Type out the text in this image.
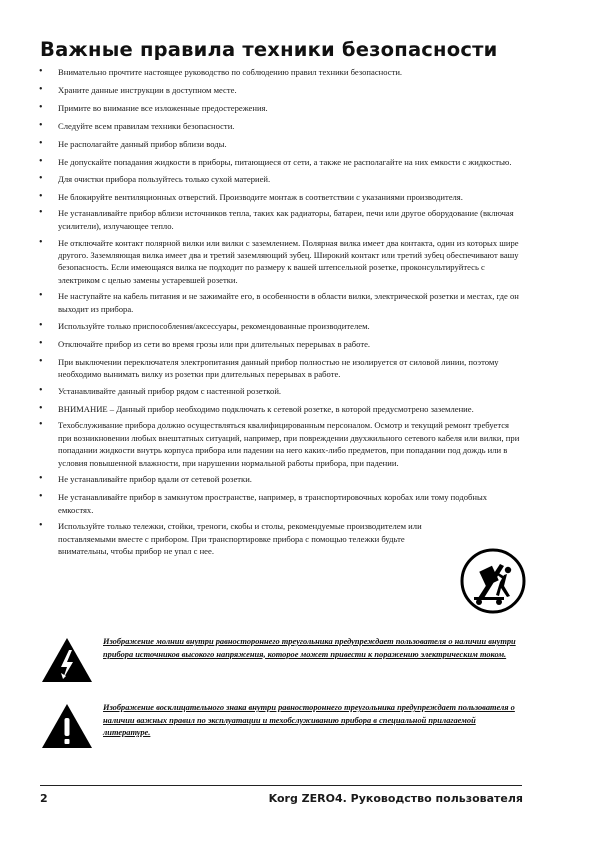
Важные правила техники безопасности
• Внимательно прочтите настоящее руководство по соблюдению правил техники безопасности.
• Храните данные инструкции в доступном месте.
• Примите во внимание все изложенные предостережения.
• Следуйте всем правилам техники безопасности.
• Не располагайте данный прибор вблизи воды.
• Не допускайте попадания жидкости в приборы, питающиеся от сети, а также не располагайте на них емкости с жидкостью.
• Для очистки прибора пользуйтесь только сухой материей.
• Не блокируйте вентиляционных отверстий. Производите монтаж в соответствии с указаниями производителя.
• Не устанавливайте прибор вблизи источников тепла, таких как радиаторы, батареи, печи или другое оборудование (включая усилители), излучающее тепло.
• Не отключайте контакт полярной вилки или вилки с заземлением. Полярная вилка имеет два контакта, один из которых шире другого. Заземляющая вилка имеет два и третий заземляющий зубец. Широкий контакт или третий зубец обеспечивают вашу безопасность. Если имеющаяся вилка не подходит по размеру к вашей штепсельной розетке, проконсультируйтесь с электриком с целью замены устаревшей розетки.
• Не наступайте на кабель питания и не зажимайте его, в особенности в области вилки, электрической розетки и местах, где он выходит из прибора.
• Используйте только приспособления/аксессуары, рекомендованные производителем.
• Отключайте прибор из сети во время грозы или при длительных перерывах в работе.
• При выключении переключателя электропитания данный прибор полностью не изолируется от силовой линии, поэтому необходимо вынимать вилку из розетки при длительных перерывах в работе.
• Устанавливайте данный прибор рядом с настенной розеткой.
• ВНИМАНИЕ – Данный прибор необходимо подключать к сетевой розетке, в которой предусмотрено заземление.
• Техобслуживание прибора должно осуществляться квалифицированным персоналом. Осмотр и текущий ремонт требуется при возникновении любых внештатных ситуаций, например, при повреждении двухжильного сетевого кабеля или вилки, при попадании жидкости внутрь корпуса прибора или падении на него каких-либо предметов, при попадании под дождь или в условия повышенной влажности, при нарушении нормальной работы прибора, при падении.
• Не устанавливайте прибор вдали от сетевой розетки.
• Не устанавливайте прибор в замкнутом пространстве, например, в транспортировочных коробах или тому подобных емкостях.
• Используйте только тележки, стойки, треноги, скобы и столы, рекомендуемые производителем или поставляемыми вместе с прибором. При транспортировке прибора с помощью тележки будьте внимательны, чтобы прибор не упал с нее.
Изображение молнии внутри равностороннего треугольника предупреждает пользователя о наличии внутри прибора источников высокого напряжения, которое может привести к поражению электрическим током.
Изображение восклицательного знака внутри равностороннего треугольника предупреждает пользователя о наличии важных правил по эксплуатации и техобслуживанию прибора в специальной прилагаемой литературе.
2	Korg ZERO4. Руководство пользователя
